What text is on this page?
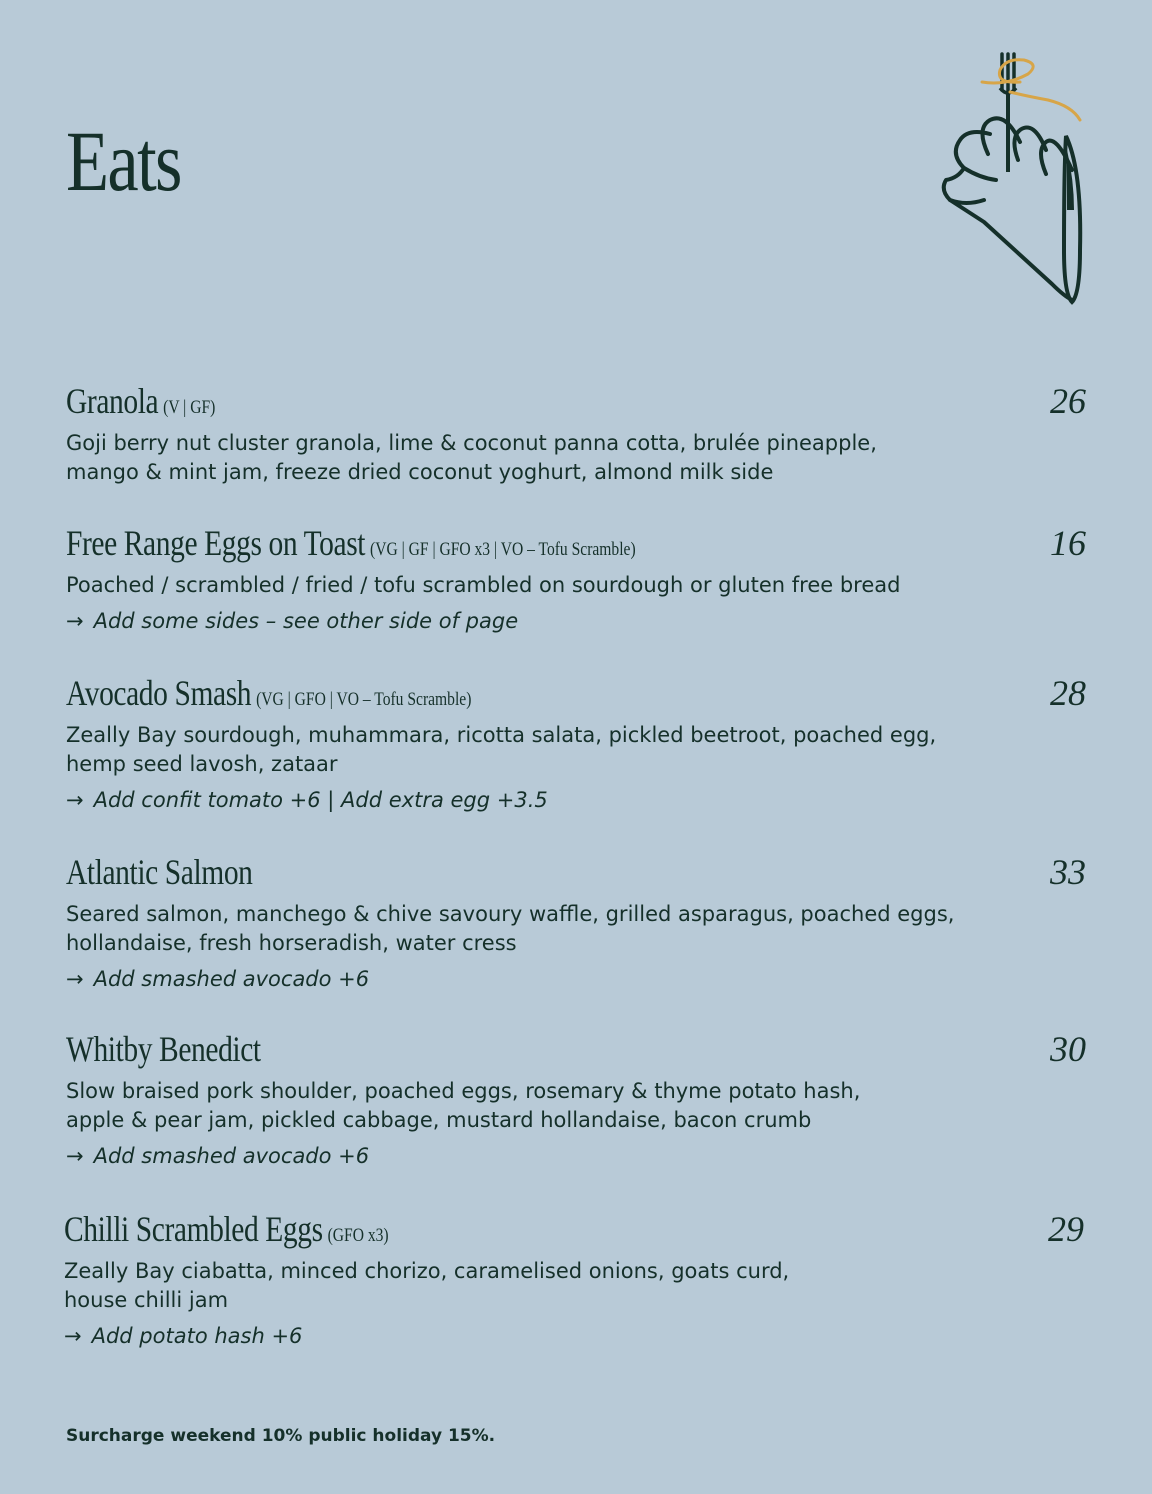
Eats
Granola (V | GF)	26
Goji berry nut cluster granola, lime & coconut panna cotta, brulée pineapple,
mango & mint jam, freeze dried coconut yoghurt, almond milk side
Free Range Eggs on Toast (VG | GF | GFO x3 | VO – Tofu Scramble)	16
Poached / scrambled / fried / tofu scrambled on sourdough or gluten free bread
→ Add some sides – see other side of page
Avocado Smash (VG | GFO | VO – Tofu Scramble)	28
Zeally Bay sourdough, muhammara, ricotta salata, pickled beetroot, poached egg,
hemp seed lavosh, zataar
→ Add confit tomato +6 | Add extra egg +3.5
Atlantic Salmon	33
Seared salmon, manchego & chive savoury waffle, grilled asparagus, poached eggs,
hollandaise, fresh horseradish, water cress
→ Add smashed avocado +6
Whitby Benedict	30
Slow braised pork shoulder, poached eggs, rosemary & thyme potato hash,
apple & pear jam, pickled cabbage, mustard hollandaise, bacon crumb
→ Add smashed avocado +6
Chilli Scrambled Eggs (GFO x3)	29
Zeally Bay ciabatta, minced chorizo, caramelised onions, goats curd,
house chilli jam
→ Add potato hash +6
Surcharge weekend 10% public holiday 15%.
